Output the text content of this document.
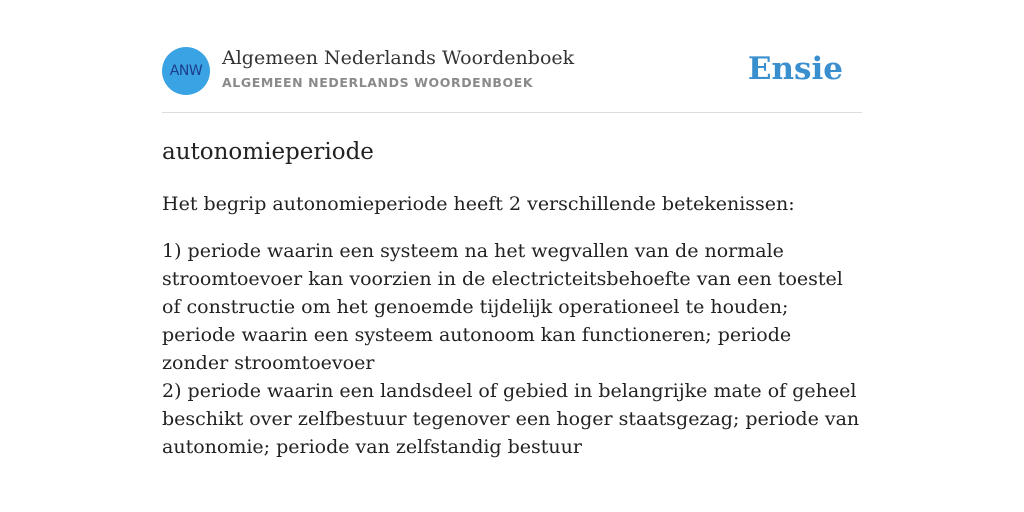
ANW
Algemeen Nederlands Woordenboek
ALGEMEEN NEDERLANDS WOORDENBOEK	Ensie
autonomieperiode

Het begrip autonomieperiode heeft 2 verschillende betekenissen:

1) periode waarin een systeem na het wegvallen van de normale stroomtoevoer kan voorzien in de electricteitsbehoefte van een toestel of constructie om het genoemde tijdelijk operationeel te houden; periode waarin een systeem autonoom kan functioneren; periode zonder stroomtoevoer

2) periode waarin een landsdeel of gebied in belangrijke mate of geheel beschikt over zelfbestuur tegenover een hoger staatsgezag; periode van autonomie; periode van zelfstandig bestuur
